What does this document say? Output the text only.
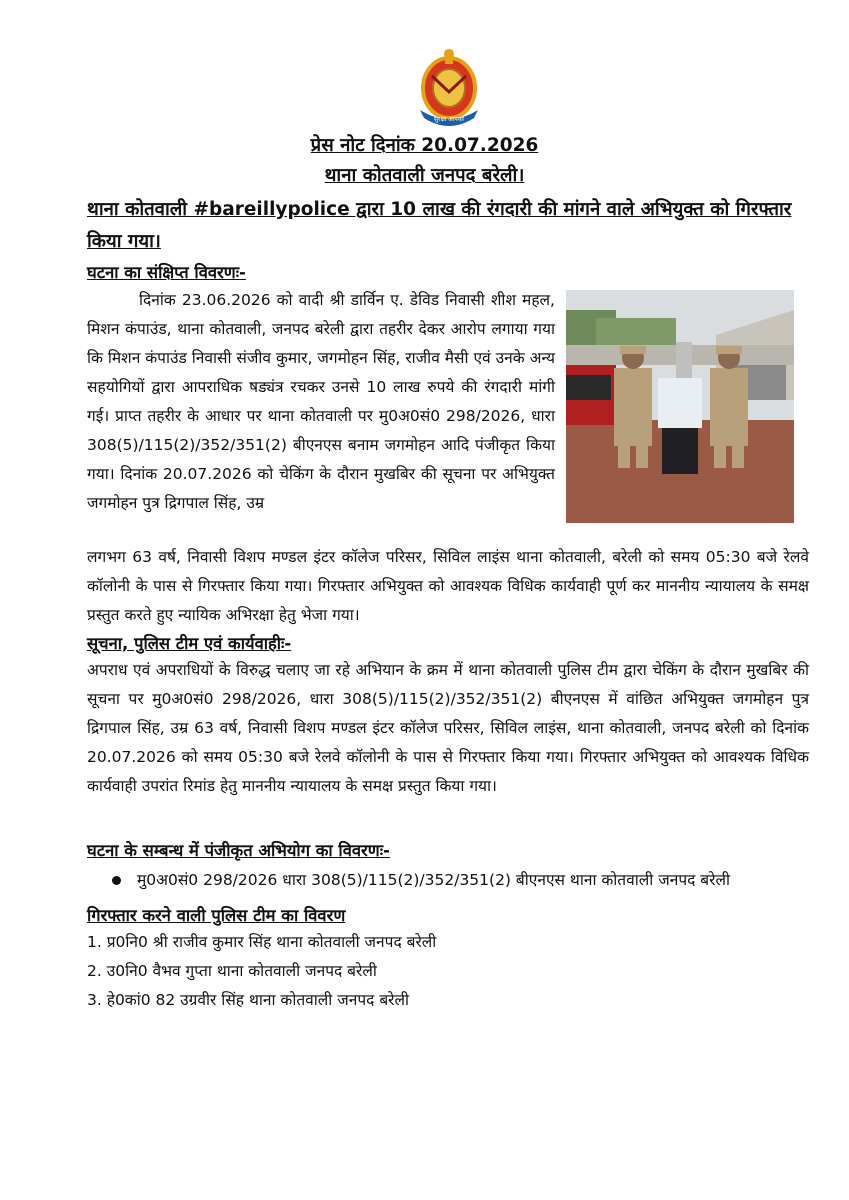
सुरक्षा आपका
प्रेस नोट दिनांक 20.07.2026
थाना कोतवाली जनपद बरेली।
थाना कोतवाली #bareillypolice द्वारा 10 लाख की रंगदारी की मांगने वाले अभियुक्त को गिरफ्तार किया गया।
घटना का संक्षिप्त विवरणः-

दिनांक 23.06.2026 को वादी श्री डार्विन ए. डेविड निवासी शीश महल, मिशन कंपाउंड, थाना कोतवाली, जनपद बरेली द्वारा तहरीर देकर आरोप लगाया गया कि मिशन कंपाउंड निवासी संजीव कुमार, जगमोहन सिंह, राजीव मैसी एवं उनके अन्य सहयोगियों द्वारा आपराधिक षड्यंत्र रचकर उनसे 10 लाख रुपये की रंगदारी मांगी गई। प्राप्त तहरीर के आधार पर थाना कोतवाली पर मु0अ0सं0 298/2026, धारा 308(5)/115(2)/352/351(2) बीएनएस बनाम जगमोहन आदि पंजीकृत किया गया। दिनांक 20.07.2026 को चेकिंग के दौरान मुखबिर की सूचना पर अभियुक्त जगमोहन पुत्र द्रिगपाल सिंह, उम्र

लगभग 63 वर्ष, निवासी विशप मण्डल इंटर कॉलेज परिसर, सिविल लाइंस थाना कोतवाली, बरेली को समय 05:30 बजे रेलवे कॉलोनी के पास से गिरफ्तार किया गया। गिरफ्तार अभियुक्त को आवश्यक विधिक कार्यवाही पूर्ण कर माननीय न्यायालय के समक्ष प्रस्तुत करते हुए न्यायिक अभिरक्षा हेतु भेजा गया।

सूचना, पुलिस टीम एवं कार्यवाहीः-

अपराध एवं अपराधियों के विरुद्ध चलाए जा रहे अभियान के क्रम में थाना कोतवाली पुलिस टीम द्वारा चेकिंग के दौरान मुखबिर की सूचना पर मु0अ0सं0 298/2026, धारा 308(5)/115(2)/352/351(2) बीएनएस में वांछित अभियुक्त जगमोहन पुत्र द्रिगपाल सिंह, उम्र 63 वर्ष, निवासी विशप मण्डल इंटर कॉलेज परिसर, सिविल लाइंस, थाना कोतवाली, जनपद बरेली को दिनांक 20.07.2026 को समय 05:30 बजे रेलवे कॉलोनी के पास से गिरफ्तार किया गया। गिरफ्तार अभियुक्त को आवश्यक विधिक कार्यवाही उपरांत रिमांड हेतु माननीय न्यायालय के समक्ष प्रस्तुत किया गया।

घटना के सम्बन्ध में पंजीकृत अभियोग का विवरणः-
मु0अ0सं0 298/2026 धारा 308(5)/115(2)/352/351(2) बीएनएस थाना कोतवाली जनपद बरेली
गिरफ्तार करने वाली पुलिस टीम का विवरण
1. प्र0नि0 श्री राजीव कुमार सिंह थाना कोतवाली जनपद बरेली
2. उ0नि0 वैभव गुप्ता थाना कोतवाली जनपद बरेली
3. हे0कां0 82 उग्रवीर सिंह थाना कोतवाली जनपद बरेली
